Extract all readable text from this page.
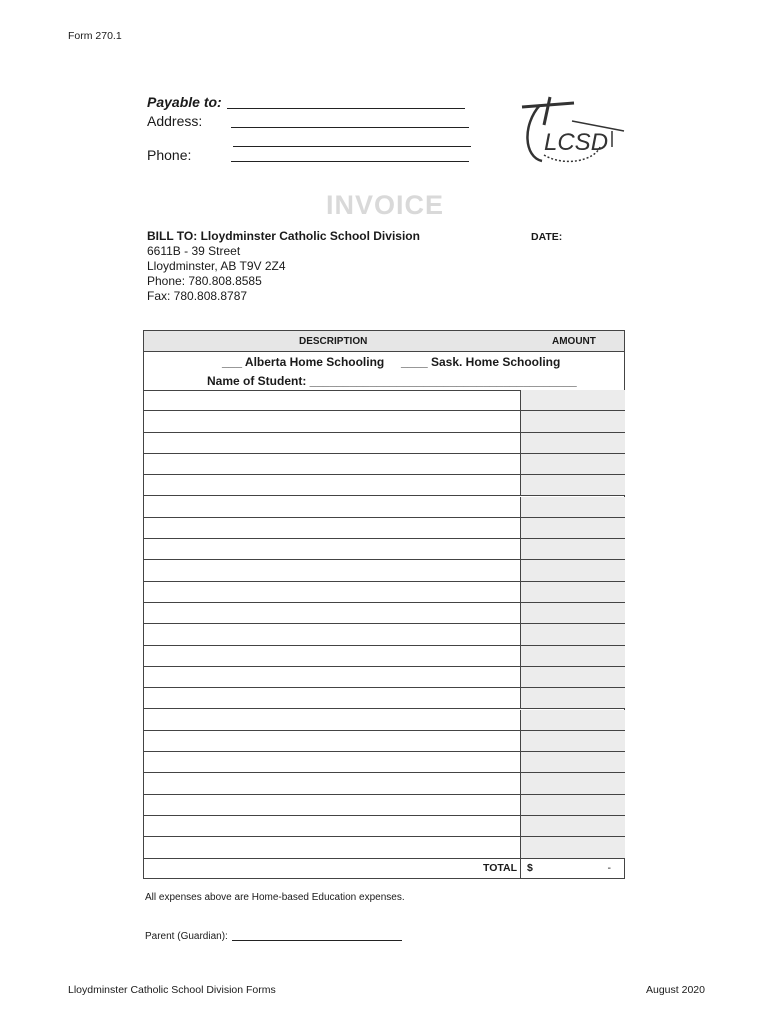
Form 270.1
Payable to:
Address:
Phone:	LCSD
INVOICE
BILL TO: Lloydminster Catholic School Division
6611B - 39 Street
Lloydminster, AB T9V 2Z4
Phone: 780.808.8585
Fax: 780.808.8787
DATE:
DESCRIPTION	AMOUNT
___ Alberta Home Schooling ____ Sask. Home Schooling
Name of Student: ________________________________________
TOTAL $	-
All expenses above are Home-based Education expenses.
Parent (Guardian):
Lloydminster Catholic School Division Forms	August 2020
